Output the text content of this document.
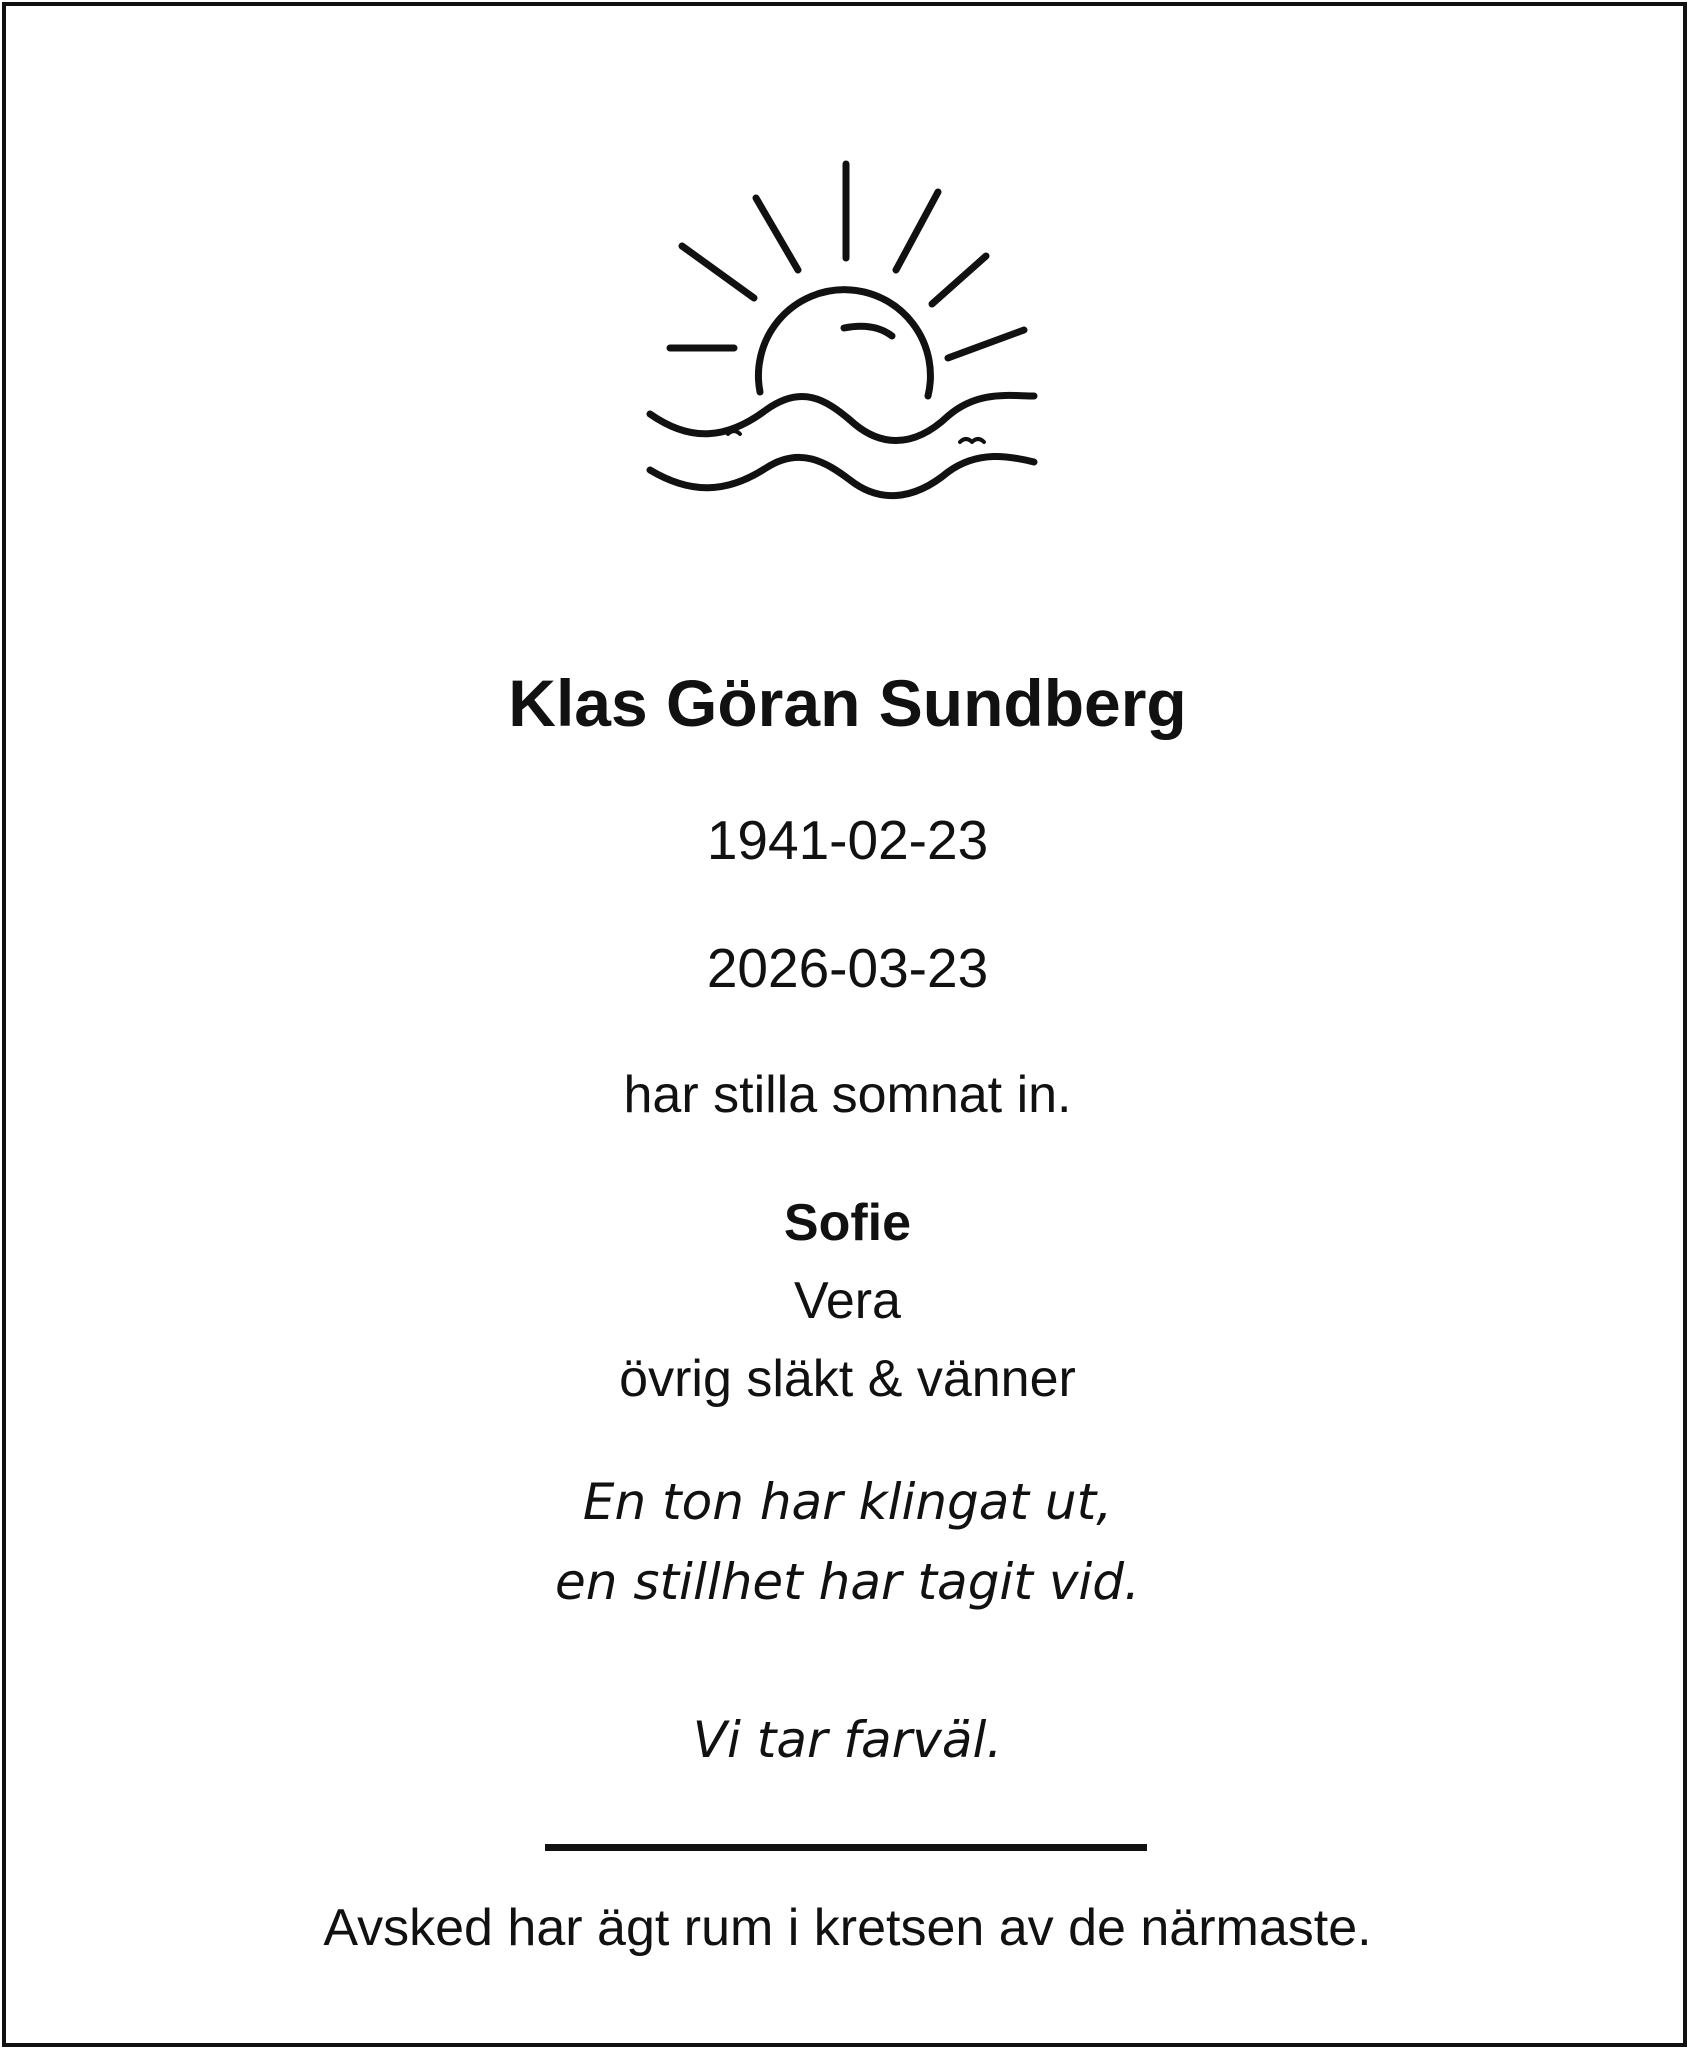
Klas Göran Sundberg

1941-02-23

2026-03-23

har stilla somnat in.

Sofie

Vera

övrig släkt & vänner

En ton har klingat ut,

en stillhet har tagit vid.

Vi tar farväl.

Avsked har ägt rum i kretsen av de närmaste.
